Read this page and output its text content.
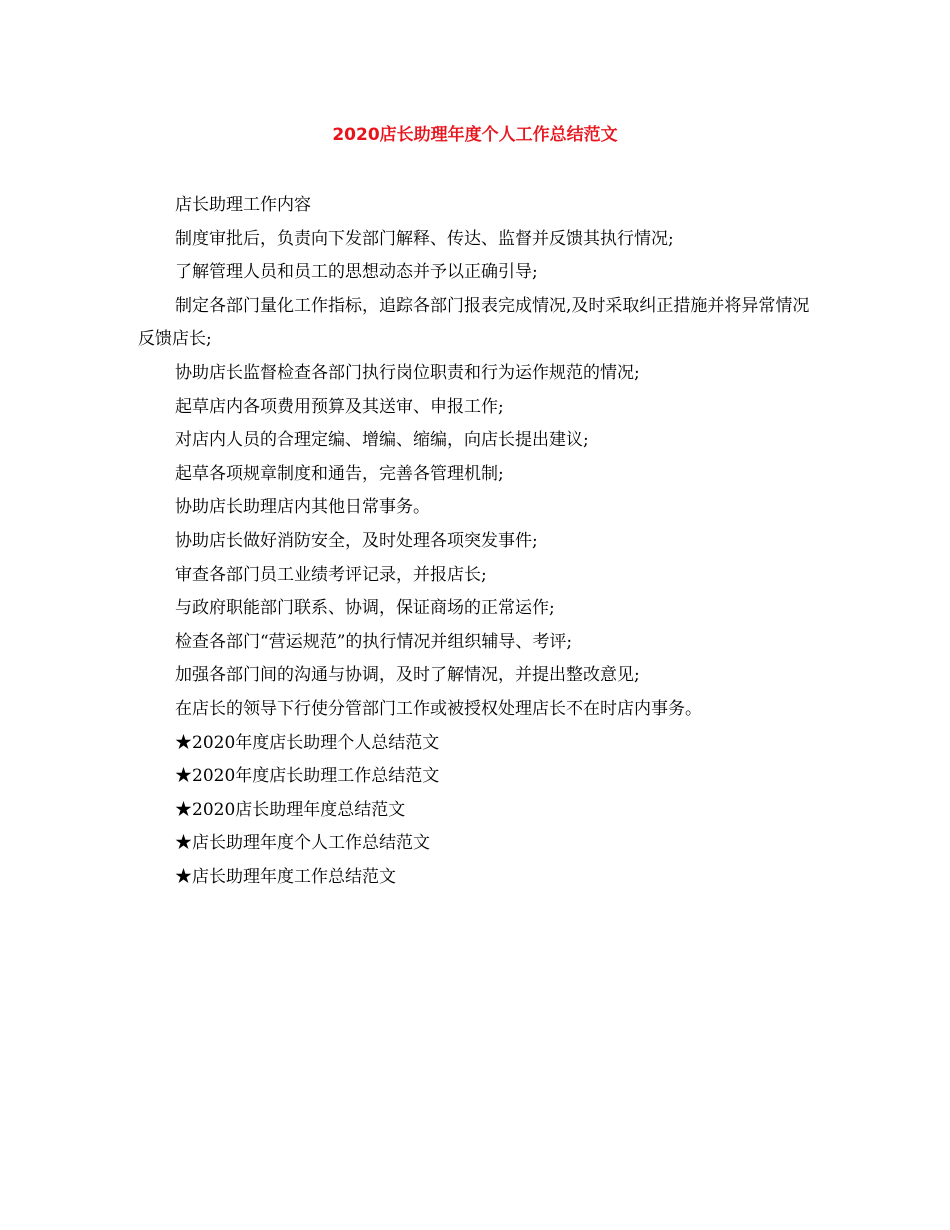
2020店长助理年度个人工作总结范文

店长助理工作内容

制度审批后，负责向下发部门解释、传达、监督并反馈其执行情况;

了解管理人员和员工的思想动态并予以正确引导;

制定各部门量化工作指标，追踪各部门报表完成情况,及时采取纠正措施并将异常情况反馈店长;

协助店长监督检查各部门执行岗位职责和行为运作规范的情况;

起草店内各项费用预算及其送审、申报工作;

对店内人员的合理定编、增编、缩编，向店长提出建议;

起草各项规章制度和通告，完善各管理机制;

协助店长助理店内其他日常事务。

协助店长做好消防安全，及时处理各项突发事件;

审查各部门员工业绩考评记录，并报店长;

与政府职能部门联系、协调，保证商场的正常运作;

检查各部门“营运规范”的执行情况并组织辅导、考评;

加强各部门间的沟通与协调，及时了解情况，并提出整改意见;

在店长的领导下行使分管部门工作或被授权处理店长不在时店内事务。

★2020年度店长助理个人总结范文

★2020年度店长助理工作总结范文

★2020店长助理年度总结范文

★店长助理年度个人工作总结范文

★店长助理年度工作总结范文
